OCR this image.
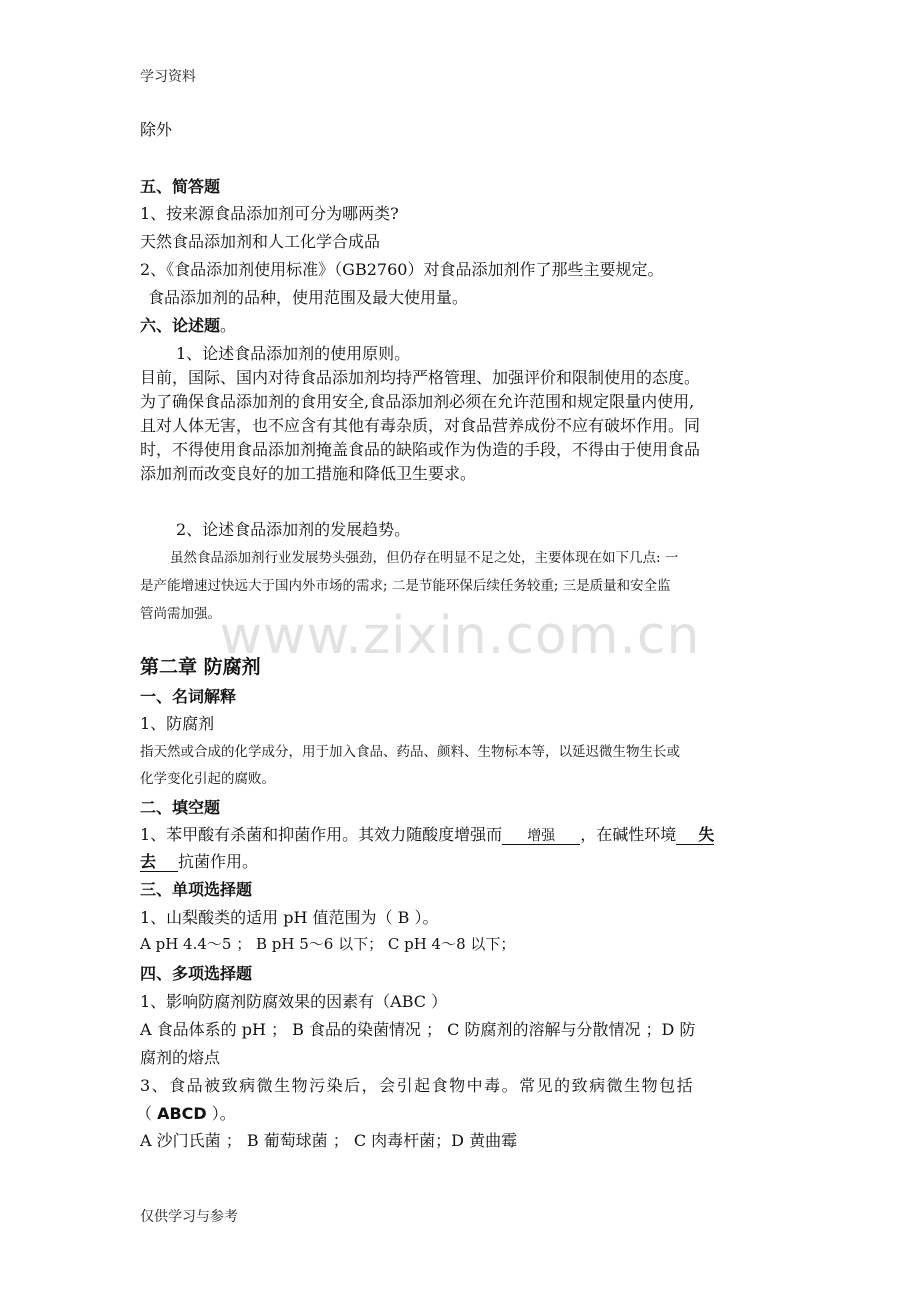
学习资料
除外
五、简答题
1、按来源食品添加剂可分为哪两类?
天然食品添加剂和人工化学合成品
2、《食品添加剂使用标准》（GB2760）对食品添加剂作了那些主要规定。
食品添加剂的品种，使用范围及最大使用量。
六、论述题。
1、论述食品添加剂的使用原则。
目前，国际、国内对待食品添加剂均持严格管理、加强评价和限制使用的态度。
为了确保食品添加剂的食用安全,食品添加剂必须在允许范围和规定限量内使用,
且对人体无害，也不应含有其他有毒杂质，对食品营养成份不应有破坏作用。同
时，不得使用食品添加剂掩盖食品的缺陷或作为伪造的手段，不得由于使用食品
添加剂而改变良好的加工措施和降低卫生要求。
2、论述食品添加剂的发展趋势。
虽然食品添加剂行业发展势头强劲，但仍存在明显不足之处，主要体现在如下几点: 一
是产能增速过快远大于国内外市场的需求; 二是节能环保后续任务较重; 三是质量和安全监
管尚需加强。
www.zixin.com.cn
第二章 防腐剂
一、名词解释
1、防腐剂
指天然或合成的化学成分，用于加入食品、药品、颜料、生物标本等，以延迟微生物生长或
化学变化引起的腐败。
二、填空题
1、苯甲酸有杀菌和抑菌作用。其效力随酸度增强而 增强 ，在碱性环境 失
去 抗菌作用。
三、单项选择题
1、山梨酸类的适用 pH 值范围为（ B ）。
A pH 4.4～5 ； B pH 5～6 以下； C pH 4～8 以下；
四、多项选择题
1、影响防腐剂防腐效果的因素有（ABC ）
A 食品体系的 pH ； B 食品的染菌情况 ； C 防腐剂的溶解与分散情况 ；D 防
腐剂的熔点
3、食品被致病微生物污染后，会引起食物中毒。常见的致病微生物包括
（ ABCD ）。
A 沙门氏菌 ； B 葡萄球菌 ； C 肉毒杆菌；D 黄曲霉
仅供学习与参考
